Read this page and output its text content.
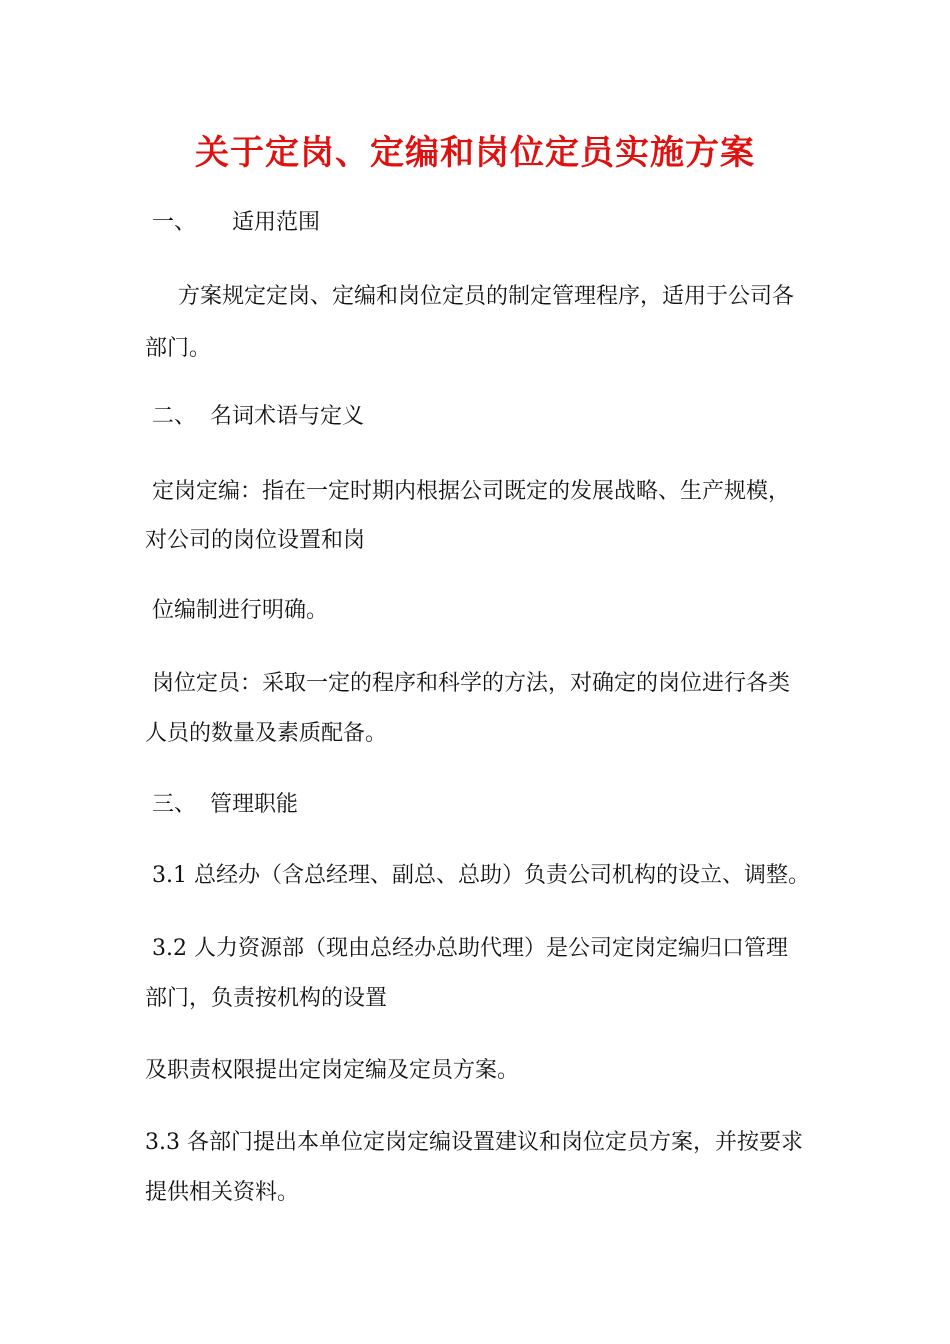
关于定岗、定编和岗位定员实施方案
一、 适用范围
方案规定定岗、定编和岗位定员的制定管理程序，适用于公司各
部门。
二、 名词术语与定义
定岗定编：指在一定时期内根据公司既定的发展战略、生产规模，
对公司的岗位设置和岗
位编制进行明确。
岗位定员：采取一定的程序和科学的方法，对确定的岗位进行各类
人员的数量及素质配备。
三、 管理职能
3.1 总经办（含总经理、副总、总助）负责公司机构的设立、调整。
3.2 人力资源部（现由总经办总助代理）是公司定岗定编归口管理
部门，负责按机构的设置
及职责权限提出定岗定编及定员方案。
3.3 各部门提出本单位定岗定编设置建议和岗位定员方案，并按要求
提供相关资料。
